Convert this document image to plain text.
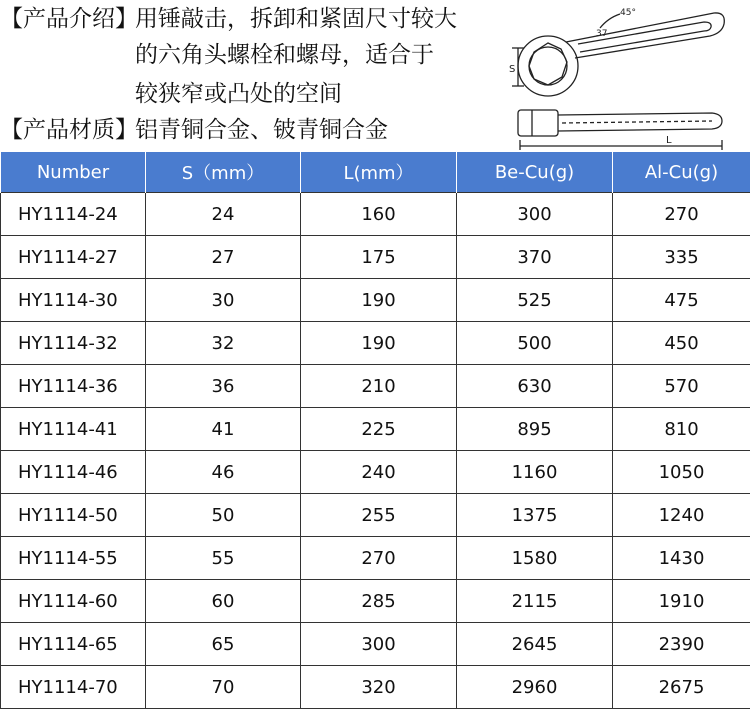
【产品介绍】用锤敲击，拆卸和紧固尺寸较大
的六角头螺栓和螺母，适合于
较狭窄或凸处的空间
【产品材质】铝青铜合金、铍青铜合金
S
45°
37
L
Number	S（mm）	L(mm）	Be-Cu(g)	Al-Cu(g)
HY1114-24	24	160	300	270
HY1114-27	27	175	370	335
HY1114-30	30	190	525	475
HY1114-32	32	190	500	450
HY1114-36	36	210	630	570
HY1114-41	41	225	895	810
HY1114-46	46	240	1160	1050
HY1114-50	50	255	1375	1240
HY1114-55	55	270	1580	1430
HY1114-60	60	285	2115	1910
HY1114-65	65	300	2645	2390
HY1114-70	70	320	2960	2675
